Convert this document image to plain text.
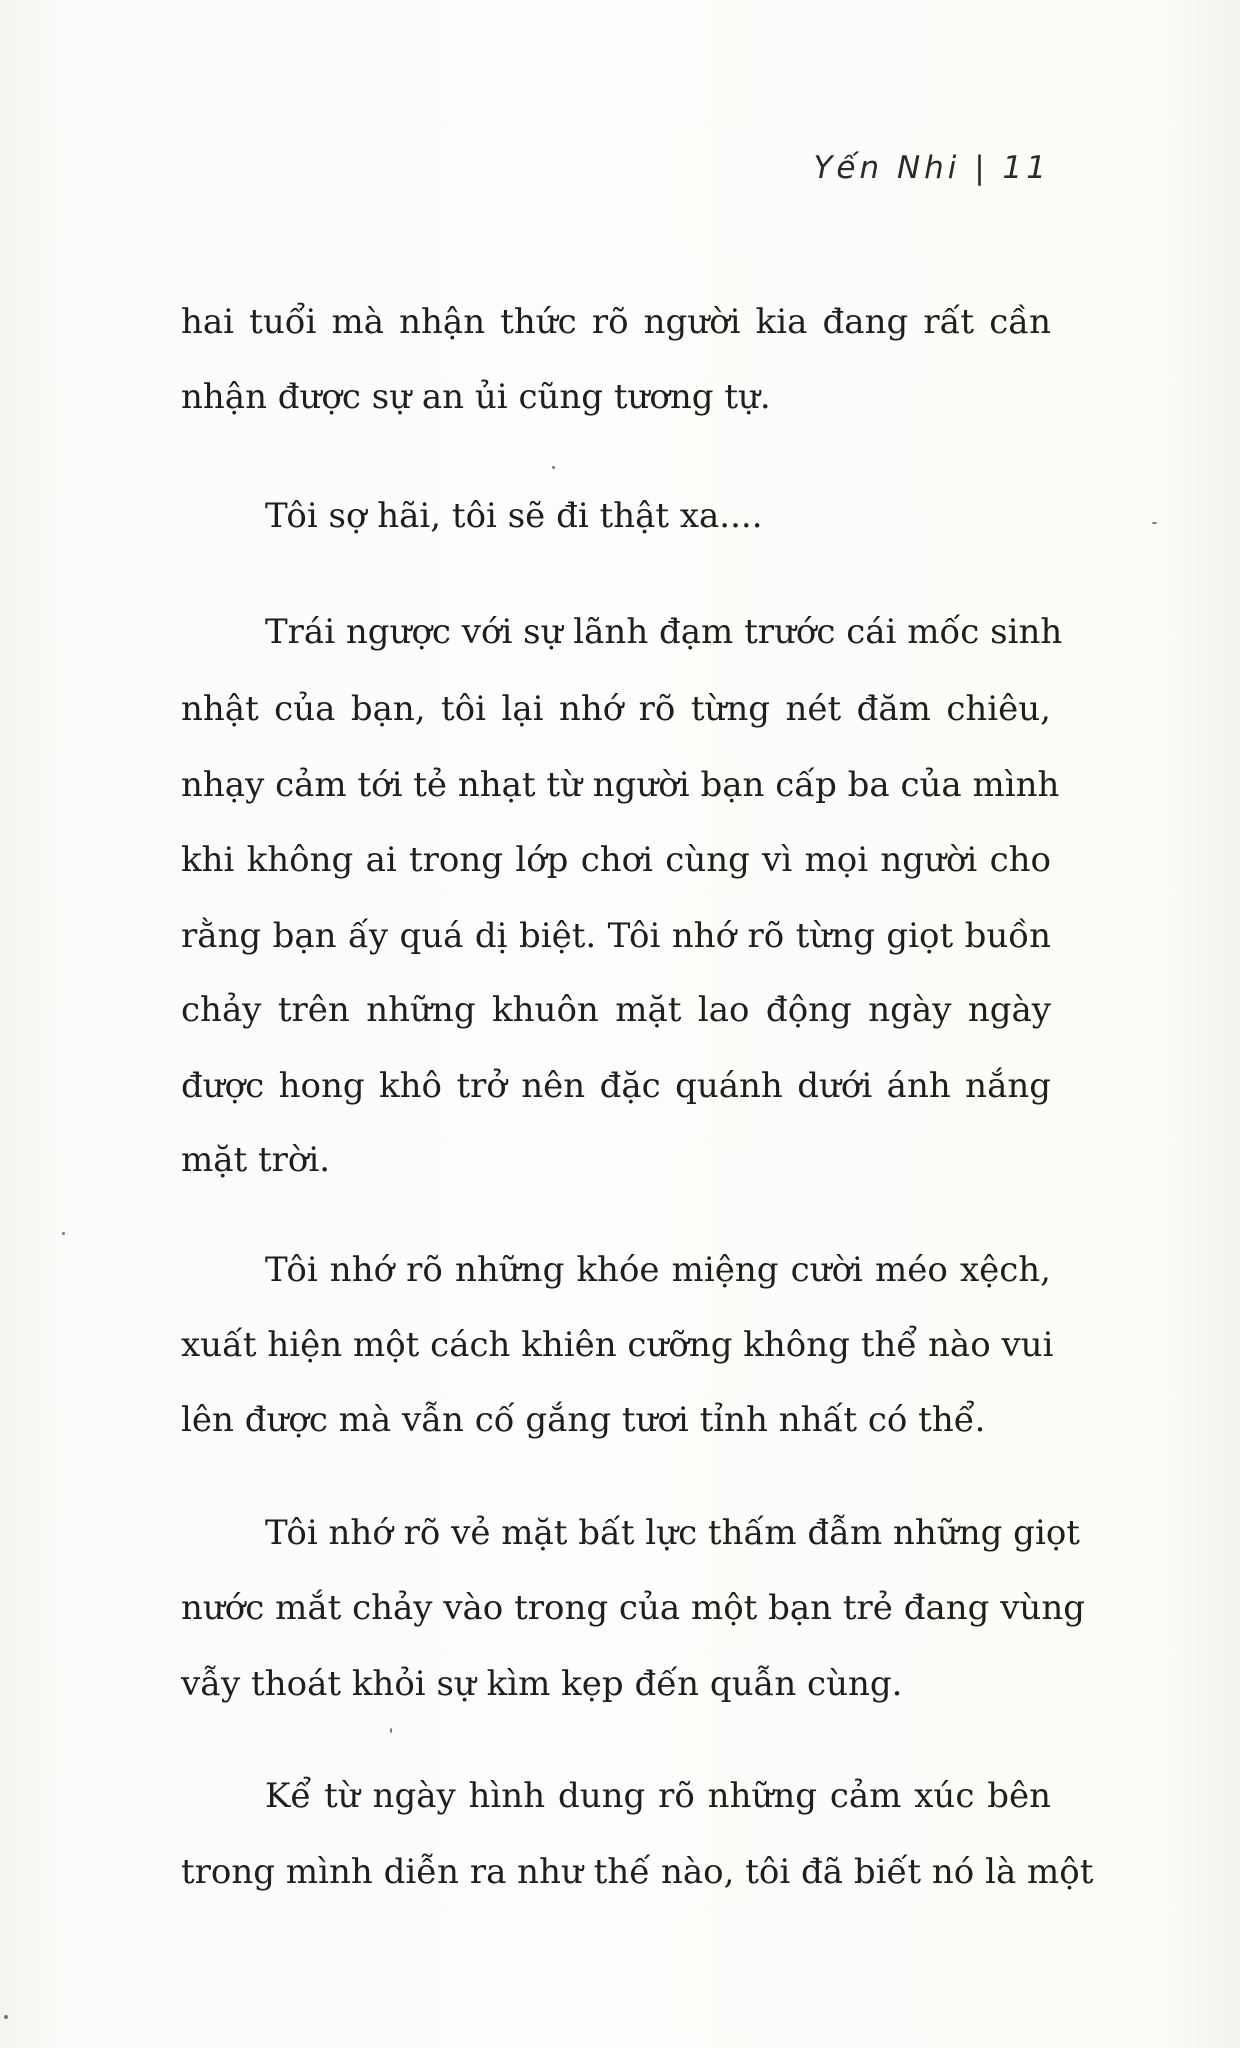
Yến Nhi | 11
hai tuổi mà nhận thức rõ người kia đang rất cần
nhận được sự an ủi cũng tương tự.
Tôi sợ hãi, tôi sẽ đi thật xa....
Trái ngược với sự lãnh đạm trước cái mốc sinh
nhật của bạn, tôi lại nhớ rõ từng nét đăm chiêu,
nhạy cảm tới tẻ nhạt từ người bạn cấp ba của mình
khi không ai trong lớp chơi cùng vì mọi người cho
rằng bạn ấy quá dị biệt. Tôi nhớ rõ từng giọt buồn
chảy trên những khuôn mặt lao động ngày ngày
được hong khô trở nên đặc quánh dưới ánh nắng
mặt trời.
Tôi nhớ rõ những khóe miệng cười méo xệch,
xuất hiện một cách khiên cưỡng không thể nào vui
lên được mà vẫn cố gắng tươi tỉnh nhất có thể.
Tôi nhớ rõ vẻ mặt bất lực thấm đẫm những giọt
nước mắt chảy vào trong của một bạn trẻ đang vùng
vẫy thoát khỏi sự kìm kẹp đến quẫn cùng.
Kể từ ngày hình dung rõ những cảm xúc bên
trong mình diễn ra như thế nào, tôi đã biết nó là một
